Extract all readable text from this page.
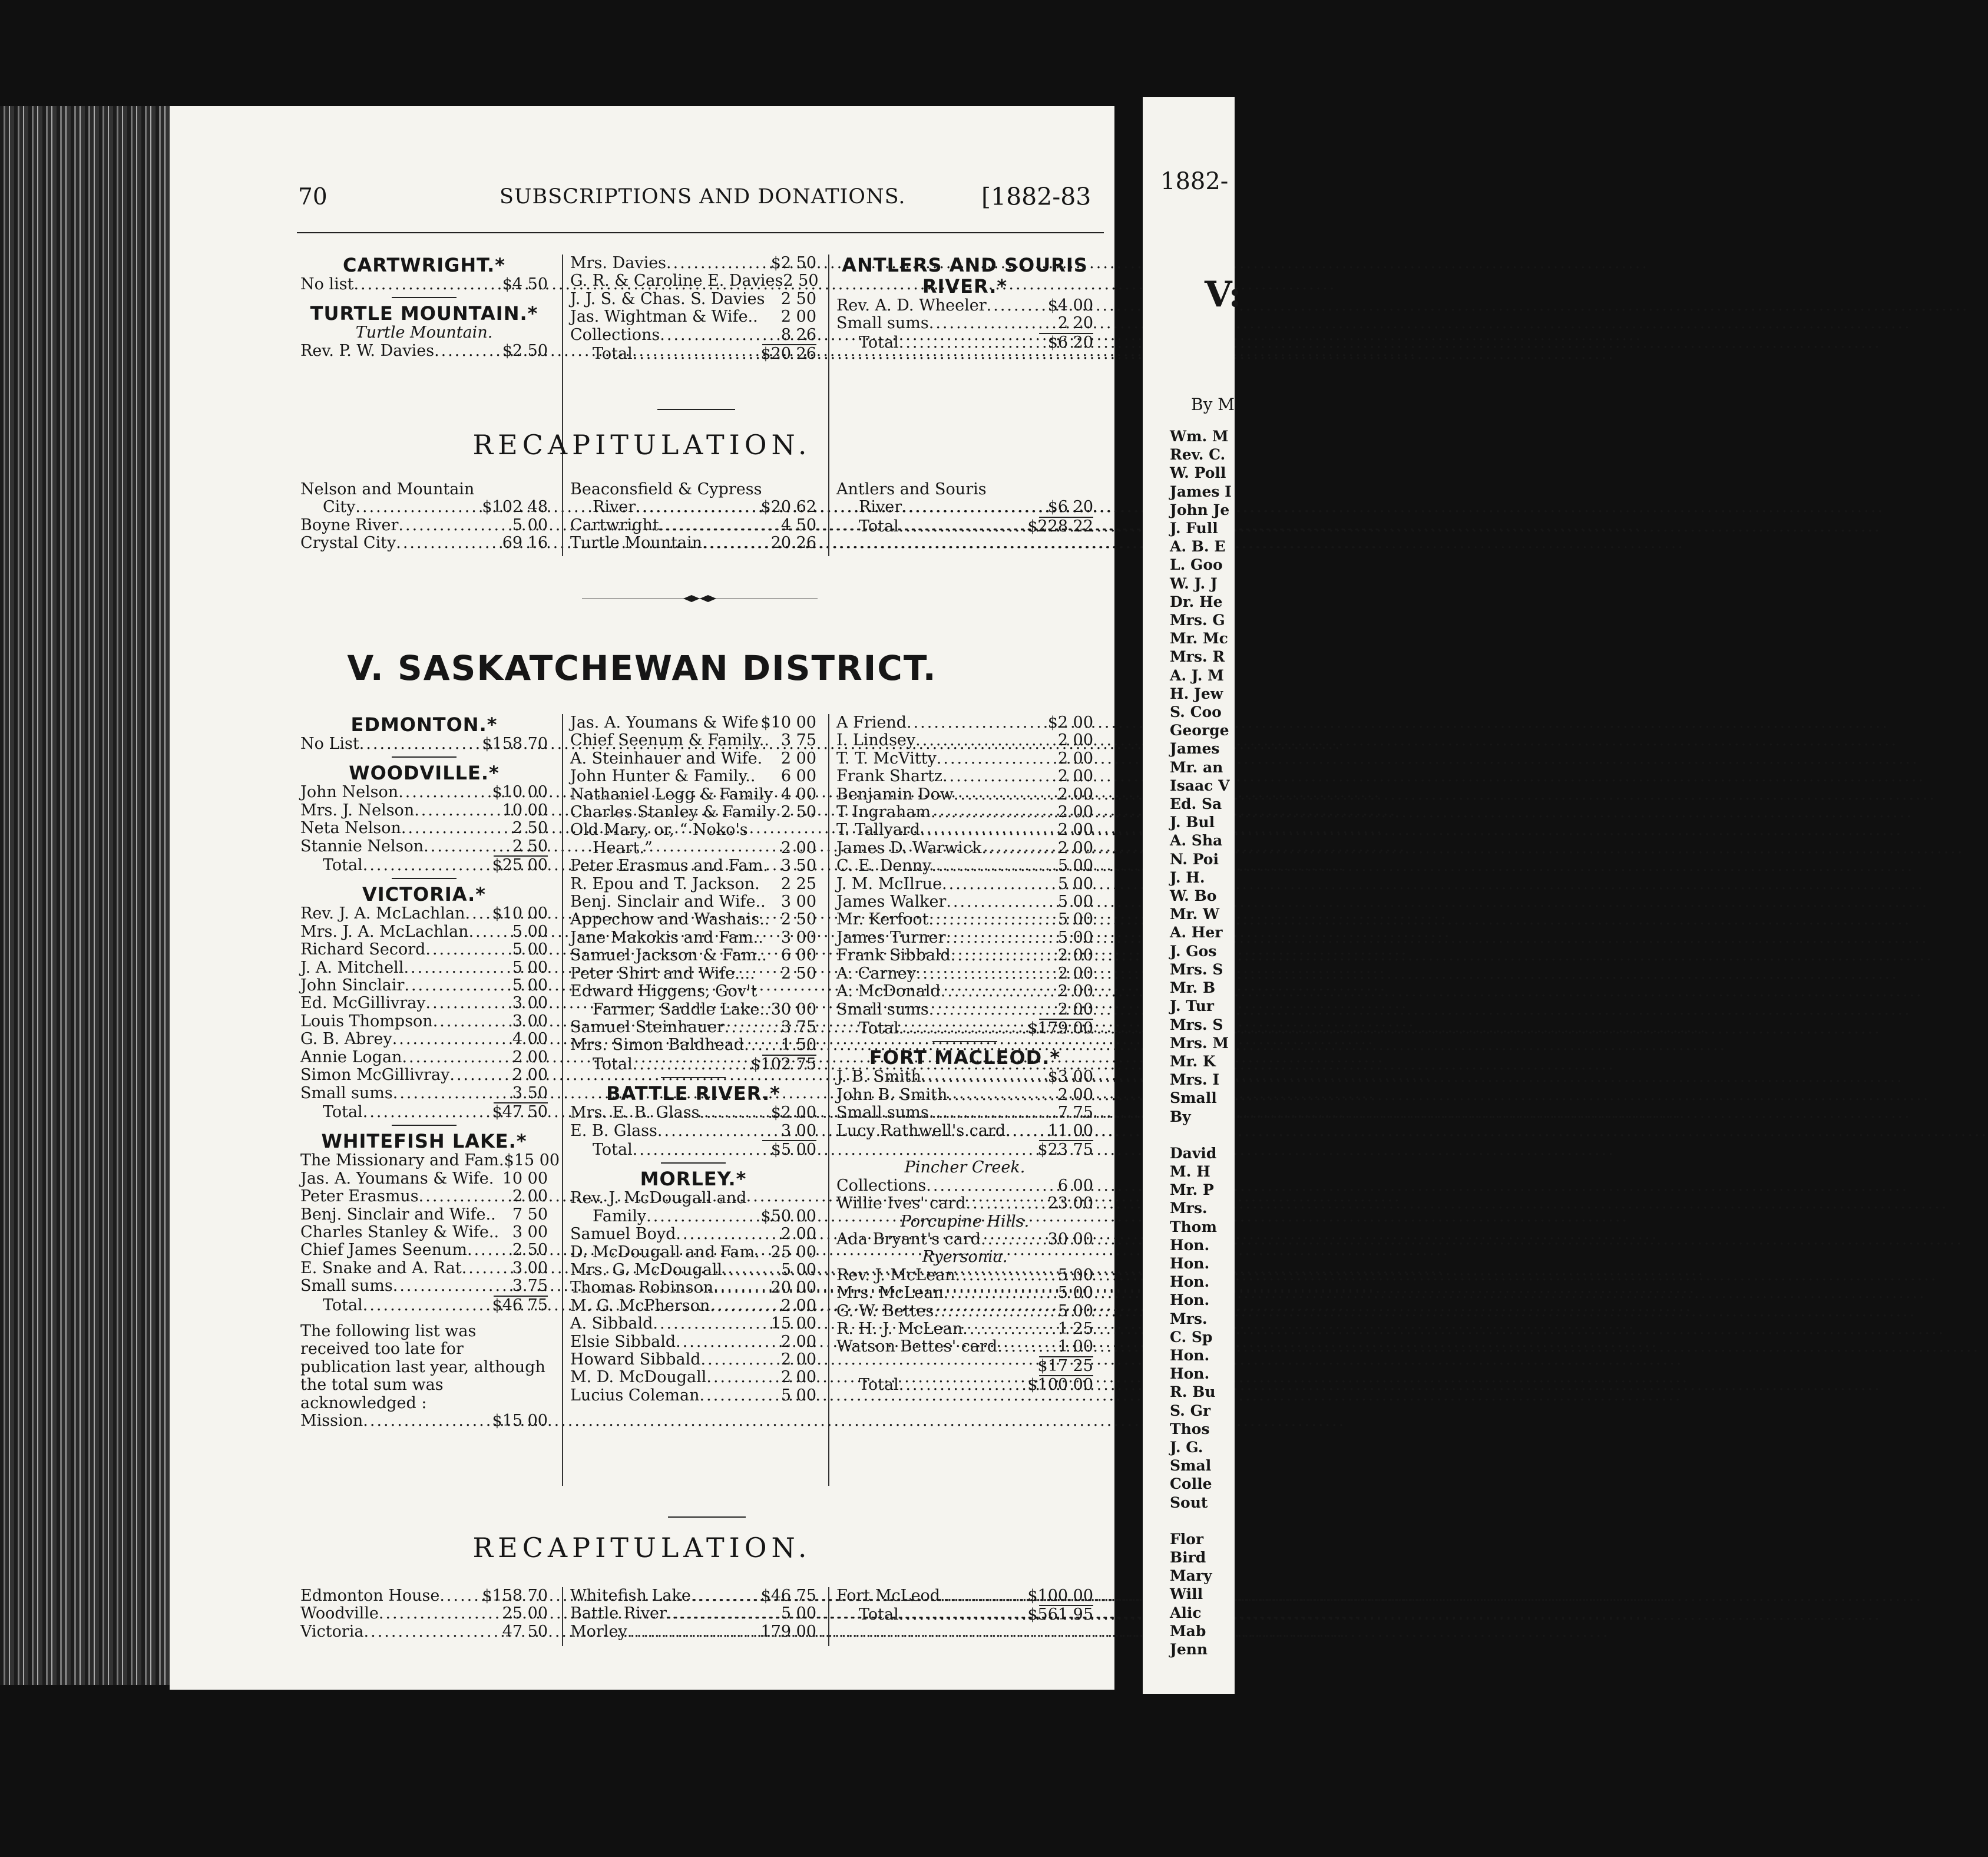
70	SUBSCRIPTIONS AND DONATIONS.	[1882-83
CARTWRIGHT.*
No list .....	$4 50
TURTLE MOUNTAIN.*
Turtle Mountain.
Rev. P. W. Davies .....	$2 50
Mrs. Davies .....	$2 50
G. R. & Caroline E. Davies 2 50
J. J. S. & Chas. S. Davies 2 50
Jas. Wightman & Wife.. 2 00
Collections .....	8 26
Total .....	$20 26
ANTLERS AND SOURIS RIVER.*
Rev. A. D. Wheeler .....	$4 00
Small sums .....	2 20
Total .....	$6 20
RECAPITULATION.
Nelson and Mountain
City .....	$102 48
Boyne River .....	5 00
Crystal City .....	69 16
Beaconsfield & Cypress
River .....	$20 62
Cartwright .....	4 50
Turtle Mountain .....	20 26
Antlers and Souris
River .....	$6 20
Total .....	$228 22
V. SASKATCHEWAN DISTRICT.
EDMONTON.*
No List .....	$158 70
WOODVILLE.*
John Nelson .....	$10 00
Mrs. J. Nelson .....	10 00
Neta Nelson .....	2 50
Stannie Nelson .....	2 50
Total .....	$25 00
VICTORIA.*
Rev. J. A. McLachlan ..... $10 00
Mrs. J. A. McLachlan .....	5 00
Richard Secord .....	5 00
J. A. Mitchell .....	5 00
John Sinclair .....	5 00
Ed. McGillivray .....	3 00
Louis Thompson .....	3 00
G. B. Abrey .....	4 00
Annie Logan .....	2 00
Simon McGillivray .....	2 00
Small sums .....	3 50
Total .....	$47 50
WHITEFISH LAKE.*
The Missionary and Fam. $15 00
Jas. A. Youmans & Wife. 10 00
Peter Erasmus .....	2 00
Benj. Sinclair and Wife.. 7 50
Charles Stanley & Wife.. 3 00
Chief James Seenum .....	2 50
E. Snake and A. Rat .....	3 00
Small sums .....	3 75
Total .....	$46 75
The following list was received too late for publication last year, although the total sum was acknowledged :
Mission .....	$15 00
Jas. A. Youmans & Wife $10 00
Chief Seenum & Family.. 3 75
A. Steinhauer and Wife. 2 00
John Hunter & Family.. 6 00
Nathaniel Legg & Family 4 00
Charles Stanley & Family 2 50
Old Mary, or, “ Noko's
Heart.”	2 00
Peter Erasmus and Fam. 3 50
R. Epou and T. Jackson. 2 25
Benj. Sinclair and Wife.. 3 00
Appechow and Washais.. 2 50
Jane Makokis and Fam.. 3 00
Samuel Jackson & Fam.. 6 00
Peter Shirt and Wife.... 2 50
Edward Higgens, Gov't
Farmer, Saddle Lake.. 30 00
Samuel Steinhauer .....	3 75
Mrs. Simon Baldhead ..... 1 50
Total .....	$102 75
BATTLE RIVER.*
Mrs. E. B. Glass .....	$2 00
E. B. Glass .....	3 00
Total .....	$5 00
MORLEY.*
Rev. J. McDougall and
Family .....	$50 00
Samuel Boyd .....	2 00
D. McDougall and Fam. 25 00
Mrs. G. McDougall .....	5 00
Thomas Robinson .....	20 00
M. G. McPherson .....	2 00
A. Sibbald .....	15 00
Elsie Sibbald .....	2 00
Howard Sibbald .....	2 00
M. D. McDougall .....	2 00
Lucius Coleman .....	5 00
A Friend .....	$2 00
I. Lindsey .....	2 00
T. T. McVitty .....	2 00
Frank Shartz .....	2 00
Benjamin Dow .....	2 00
T Ingraham .....	2 00
T. Tallyard .....	2 00
James D. Warwick .....	2 00
C. E. Denny .....	5 00
J. M. McIlrue .....	5 00
James Walker .....	5 00
Mr. Kerfoot .....	5 00
James Turner .....	5 00
Frank Sibbald .....	2 00
A. Carney .....	2 00
A. McDonald .....	2 00
Small sums .....	2 00
Total .....	$179 00
FORT MACLEOD.*
J. B. Smith .....	$3 00
John B. Smith .....	2 00
Small sums .....	7 75
Lucy Rathwell's card .....	11 00
$23 75
Pincher Creek.
Collections .....	6 00
Willie Ives' card .....	23 00
Porcupine Hills.
Ada Bryant's card .....	30 00
Ryersonia.
Rev. J. McLean .....	5 00
Mrs. McLean .....	5 00
G. W. Bettes .....	5 00
R. H. J. McLean .....	1 25
Watson Bettes' card .....	1 00
$17 25
Total .....	$100 00
RECAPITULATION.
Edmonton House .....	$158 70
Woodville .....	25 00
Victoria .....	47 50
Whitefish Lake .....	$46 75
Battle River .....	5 00
Morley .....	179 00
Fort McLeod .....	$100 00
Total .....	$561 95
1882-
V:
By M
Wm. M
Rev. C.
W. Poll
James I
John Je
J. Full
A. B. E
L. Goo
W. J. J
Dr. He
Mrs. G
Mr. Mc
Mrs. R
A. J. M
H. Jew
S. Coo
George
James
Mr. an
Isaac V
Ed. Sa
J. Bul
A. Sha
N. Poi
J. H.
W. Bo
Mr. W
A. Her
J. Gos
Mrs. S
Mr. B
J. Tur
Mrs. S
Mrs. M
Mr. K
Mrs. I
Small
By
David
M. H
Mr. P
Mrs.
Thom
Hon.
Hon.
Hon.
Hon.
Mrs.
C. Sp
Hon.
Hon.
R. Bu
S. Gr
Thos
J. G.
Smal
Colle
Sout
Flor
Bird
Mary
Will
Alic
Mab
Jenn
